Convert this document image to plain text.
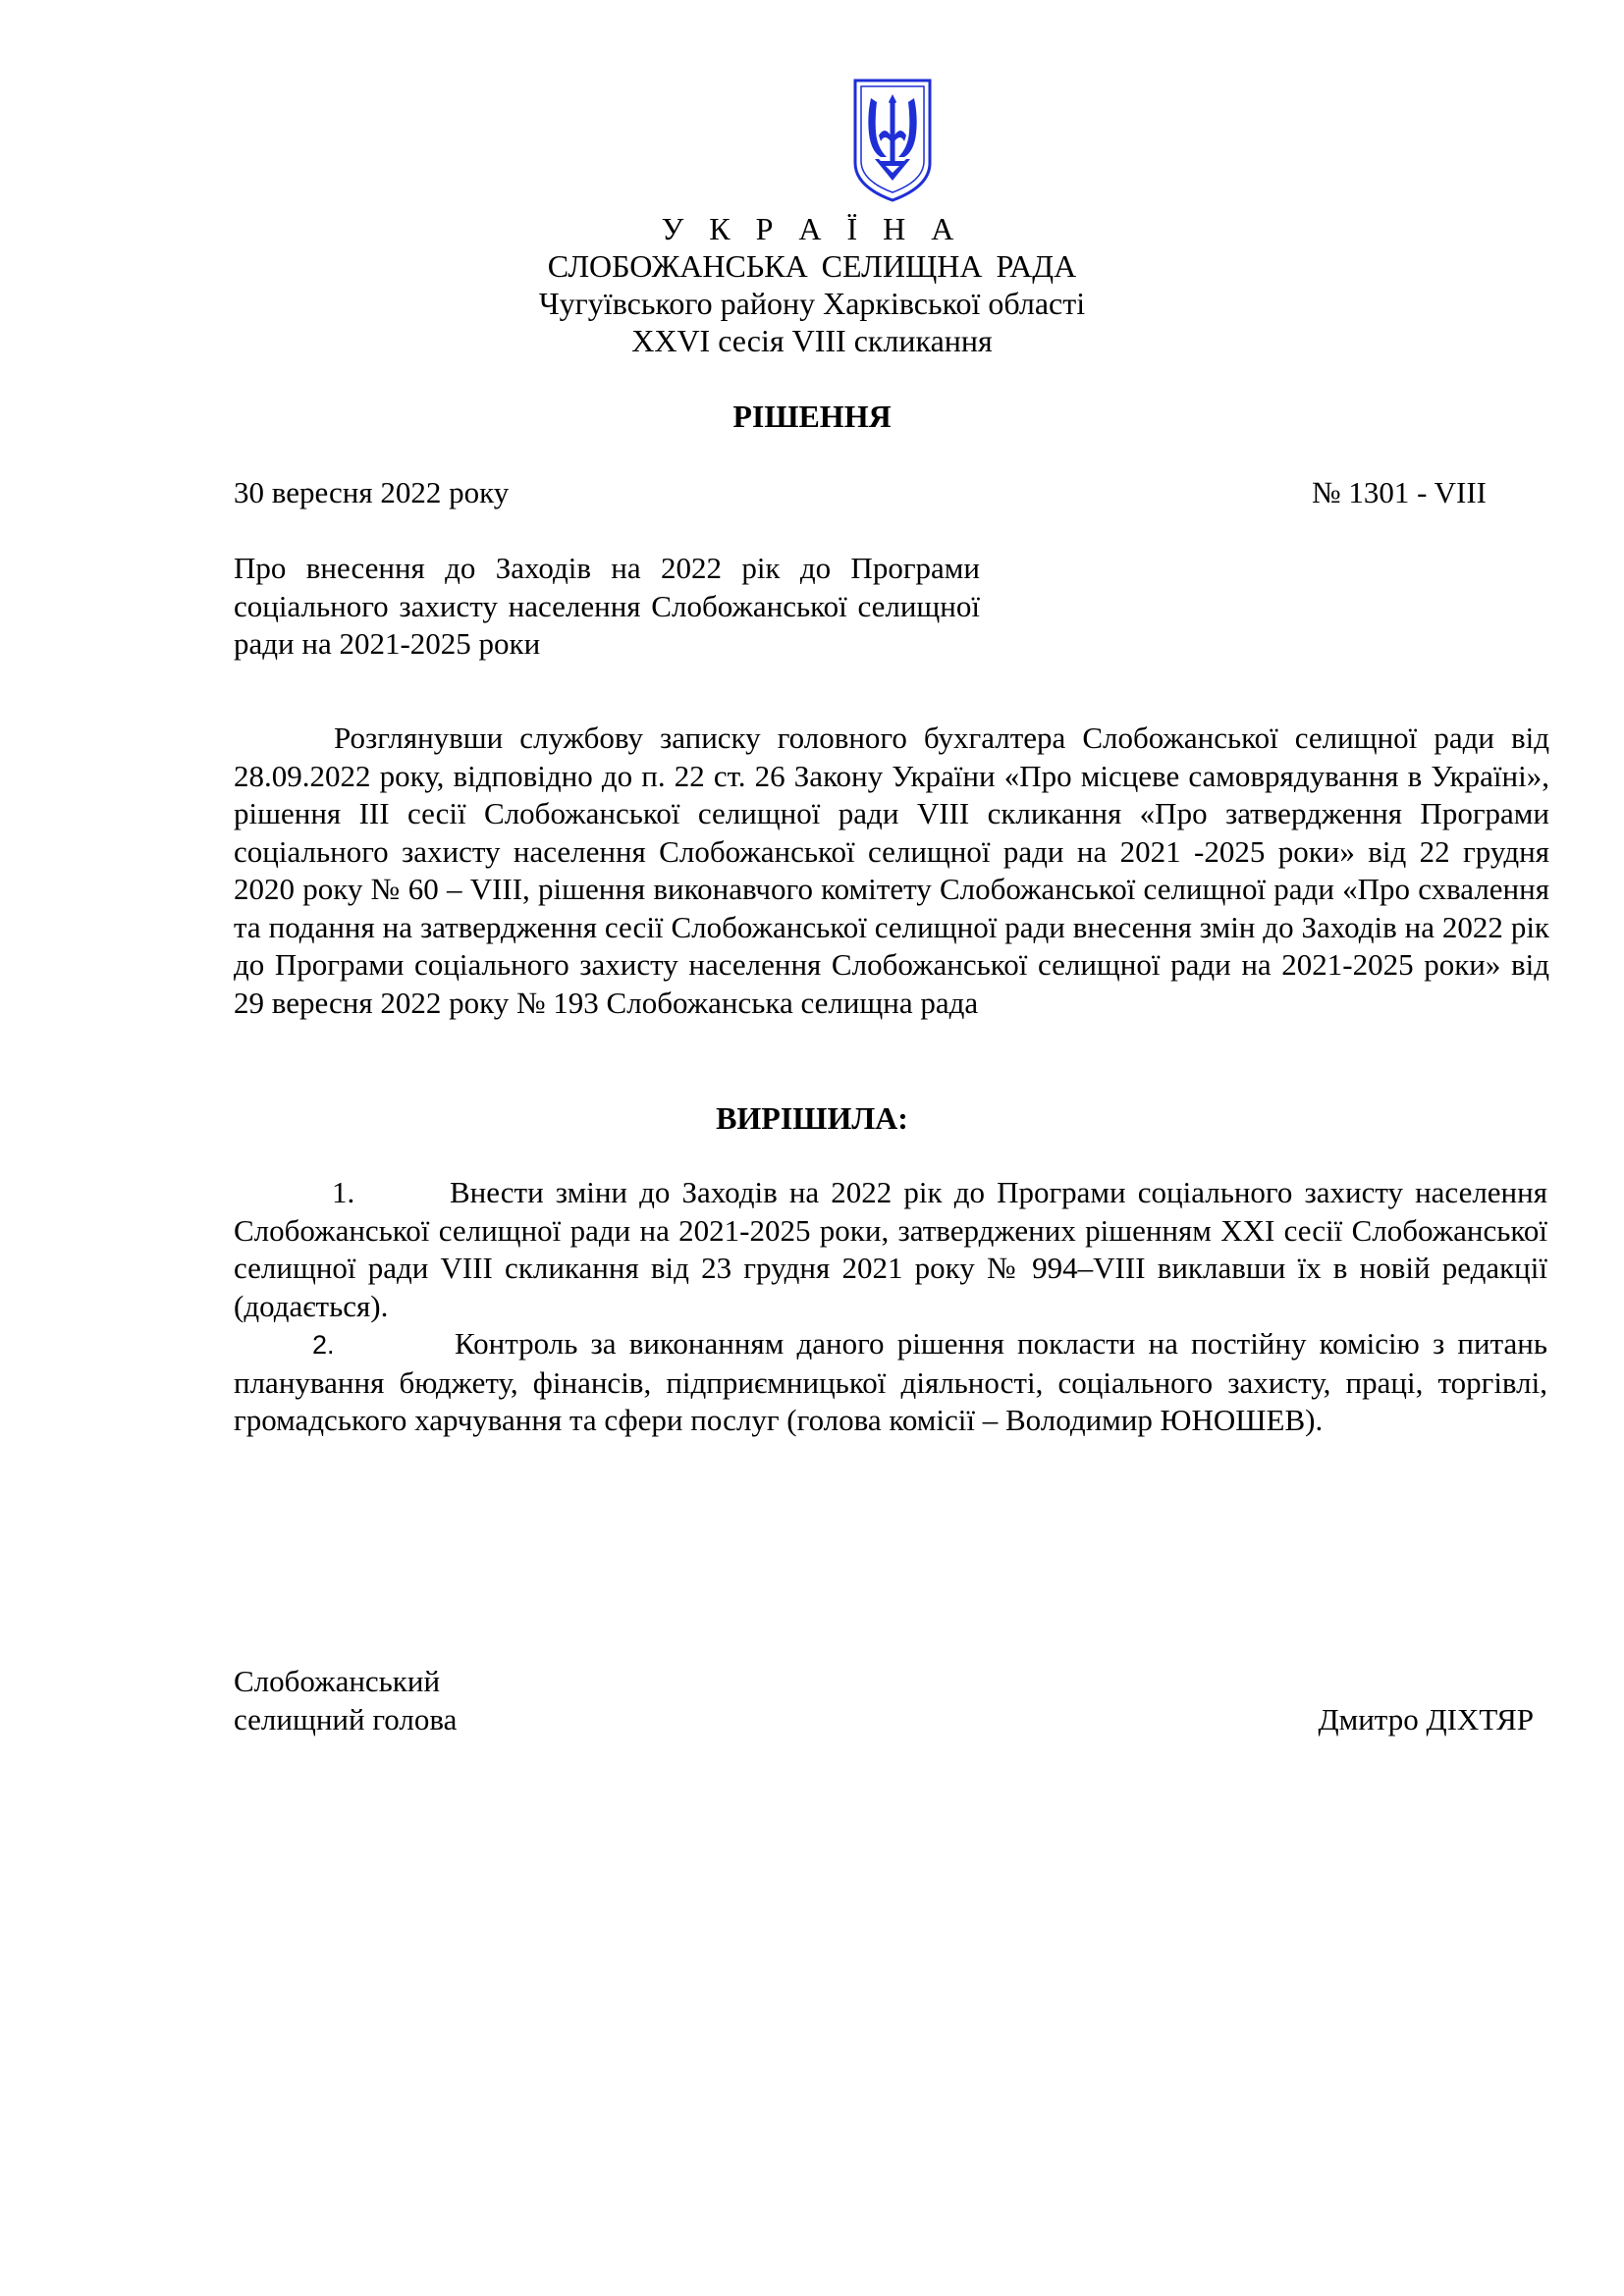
У К Р А Ї Н А
СЛОБОЖАНСЬКА СЕЛИЩНА РАДА
Чугуївського району Харківської області
XXVI сесія VIII скликання
РІШЕННЯ
30 вересня 2022 року	№ 1301 - VIII
Про внесення до Заходів на 2022 рік до Програми соціального захисту населення Слобожанської селищної ради на 2021-2025 роки
Розглянувши службову записку головного бухгалтера Слобожанської селищної ради від 28.09.2022 року, відповідно до п. 22 ст. 26 Закону України «Про місцеве самоврядування в Україні», рішення ІІІ сесії Слобожанської селищної ради VIII скликання «Про затвердження Програми соціального захисту населення Слобожанської селищної ради на 2021 -2025 роки» від 22 грудня 2020 року № 60 – VIII, рішення виконавчого комітету Слобожанської селищної ради «Про схвалення та подання на затвердження сесії Слобожанської селищної ради внесення змін до Заходів на 2022 рік до Програми соціального захисту населення Слобожанської селищної ради на 2021-2025 роки» від 29 вересня 2022 року № 193 Слобожанська селищна рада
ВИРІШИЛА:
1.	Внести зміни до Заходів на 2022 рік до Програми соціального захисту населення Слобожанської селищної ради на 2021-2025 роки, затверджених рішенням XXI сесії Слобожанської селищної ради VIII скликання від 23 грудня 2021 року № 994–VIII виклавши їх в новій редакції (додається).
2.	Контроль за виконанням даного рішення покласти на постійну комісію з питань планування бюджету, фінансів, підприємницької діяльності, соціального захисту, праці, торгівлі, громадського харчування та сфери послуг (голова комісії – Володимир ЮНОШЕВ).
Слобожанський
селищний голова	Дмитро ДІХТЯР
